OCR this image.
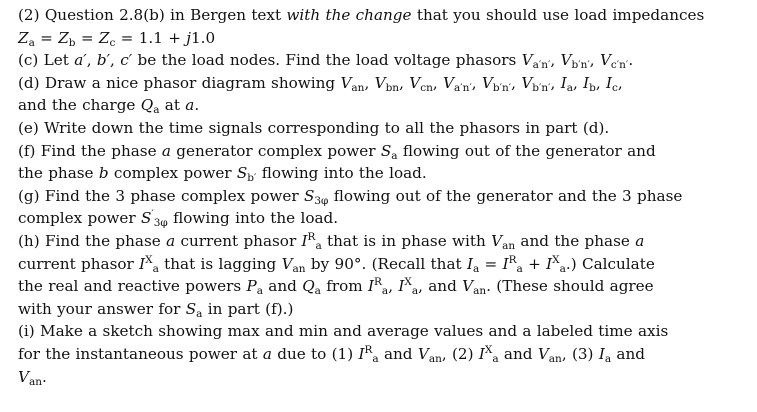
(2) Question 2.8(b) in Bergen text with the change that you should use load impedances
$Z_a = Z_b = Z_c = 1.1 + j1.0$

(c) Let a′, b′, c′ be the load nodes. Find the load voltage phasors $V_{a'n'}$, $V_{b'n'}$, $V_{c'n'}$.

(d) Draw a nice phasor diagram showing $V_{an}$, $V_{bn}$, $V_{cn}$, $V_{a'n'}$, $V_{b'n'}$, $V_{b'n'}$, $I_a$, $I_b$, $I_c$,
and the charge $Q_a$ at a.

(e) Write down the time signals corresponding to all the phasors in part (d).

(f) Find the phase a generator complex power $S_a$ flowing out of the generator and
the phase b complex power $S_{b'}$ flowing into the load.

(g) Find the 3 phase complex power $S_{3\varphi}$ flowing out of the generator and the 3 phase
complex power $S'_{3\varphi}$ flowing into the load.

(h) Find the phase a current phasor $I^R_a$ that is in phase with $V_{an}$ and the phase a
current phasor $I^X_a$ that is lagging $V_{an}$ by 90°. (Recall that $I_a = I^R_a + I^X_a$.) Calculate
the real and reactive powers $P_a$ and $Q_a$ from $I^R_a$, $I^X_a$, and $V_{an}$. (These should agree
with your answer for $S_a$ in part (f).)

(i) Make a sketch showing max and min and average values and a labeled time axis
for the instantaneous power at a due to (1) $I^R_a$ and $V_{an}$, (2) $I^X_a$ and $V_{an}$, (3) $I_a$ and
$V_{an}$.
